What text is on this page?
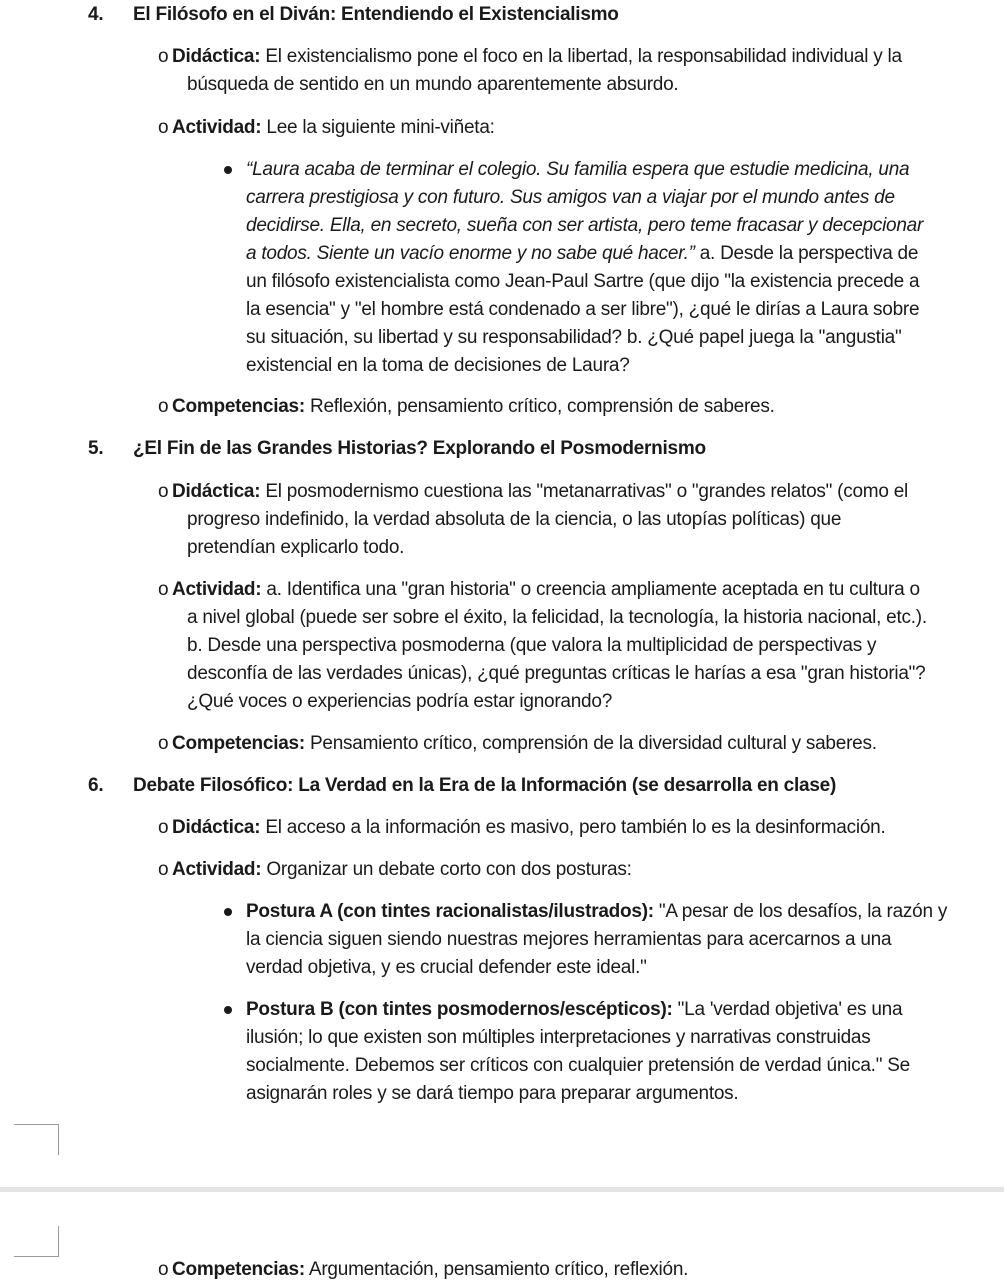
4. El Filósofo en el Diván: Entendiendo el Existencialismo
o Didáctica: El existencialismo pone el foco en la libertad, la responsabilidad individual y la
búsqueda de sentido en un mundo aparentemente absurdo.
o Actividad: Lee la siguiente mini-viñeta:
“Laura acaba de terminar el colegio. Su familia espera que estudie medicina, una
carrera prestigiosa y con futuro. Sus amigos van a viajar por el mundo antes de
decidirse. Ella, en secreto, sueña con ser artista, pero teme fracasar y decepcionar
a todos. Siente un vacío enorme y no sabe qué hacer.” a. Desde la perspectiva de
un filósofo existencialista como Jean-Paul Sartre (que dijo "la existencia precede a
la esencia" y "el hombre está condenado a ser libre"), ¿qué le dirías a Laura sobre
su situación, su libertad y su responsabilidad? b. ¿Qué papel juega la "angustia"
existencial en la toma de decisiones de Laura?
o Competencias: Reflexión, pensamiento crítico, comprensión de saberes.
5. ¿El Fin de las Grandes Historias? Explorando el Posmodernismo
o Didáctica: El posmodernismo cuestiona las "metanarrativas" o "grandes relatos" (como el
progreso indefinido, la verdad absoluta de la ciencia, o las utopías políticas) que
pretendían explicarlo todo.
o Actividad: a. Identifica una "gran historia" o creencia ampliamente aceptada en tu cultura o
a nivel global (puede ser sobre el éxito, la felicidad, la tecnología, la historia nacional, etc.).
b. Desde una perspectiva posmoderna (que valora la multiplicidad de perspectivas y
desconfía de las verdades únicas), ¿qué preguntas críticas le harías a esa "gran historia"?
¿Qué voces o experiencias podría estar ignorando?
o Competencias: Pensamiento crítico, comprensión de la diversidad cultural y saberes.
6. Debate Filosófico: La Verdad en la Era de la Información (se desarrolla en clase)
o Didáctica: El acceso a la información es masivo, pero también lo es la desinformación.
o Actividad: Organizar un debate corto con dos posturas:
Postura A (con tintes racionalistas/ilustrados): "A pesar de los desafíos, la razón y
la ciencia siguen siendo nuestras mejores herramientas para acercarnos a una
verdad objetiva, y es crucial defender este ideal."
Postura B (con tintes posmodernos/escépticos): "La 'verdad objetiva' es una
ilusión; lo que existen son múltiples interpretaciones y narrativas construidas
socialmente. Debemos ser críticos con cualquier pretensión de verdad única." Se
asignarán roles y se dará tiempo para preparar argumentos.
o Competencias: Argumentación, pensamiento crítico, reflexión.
